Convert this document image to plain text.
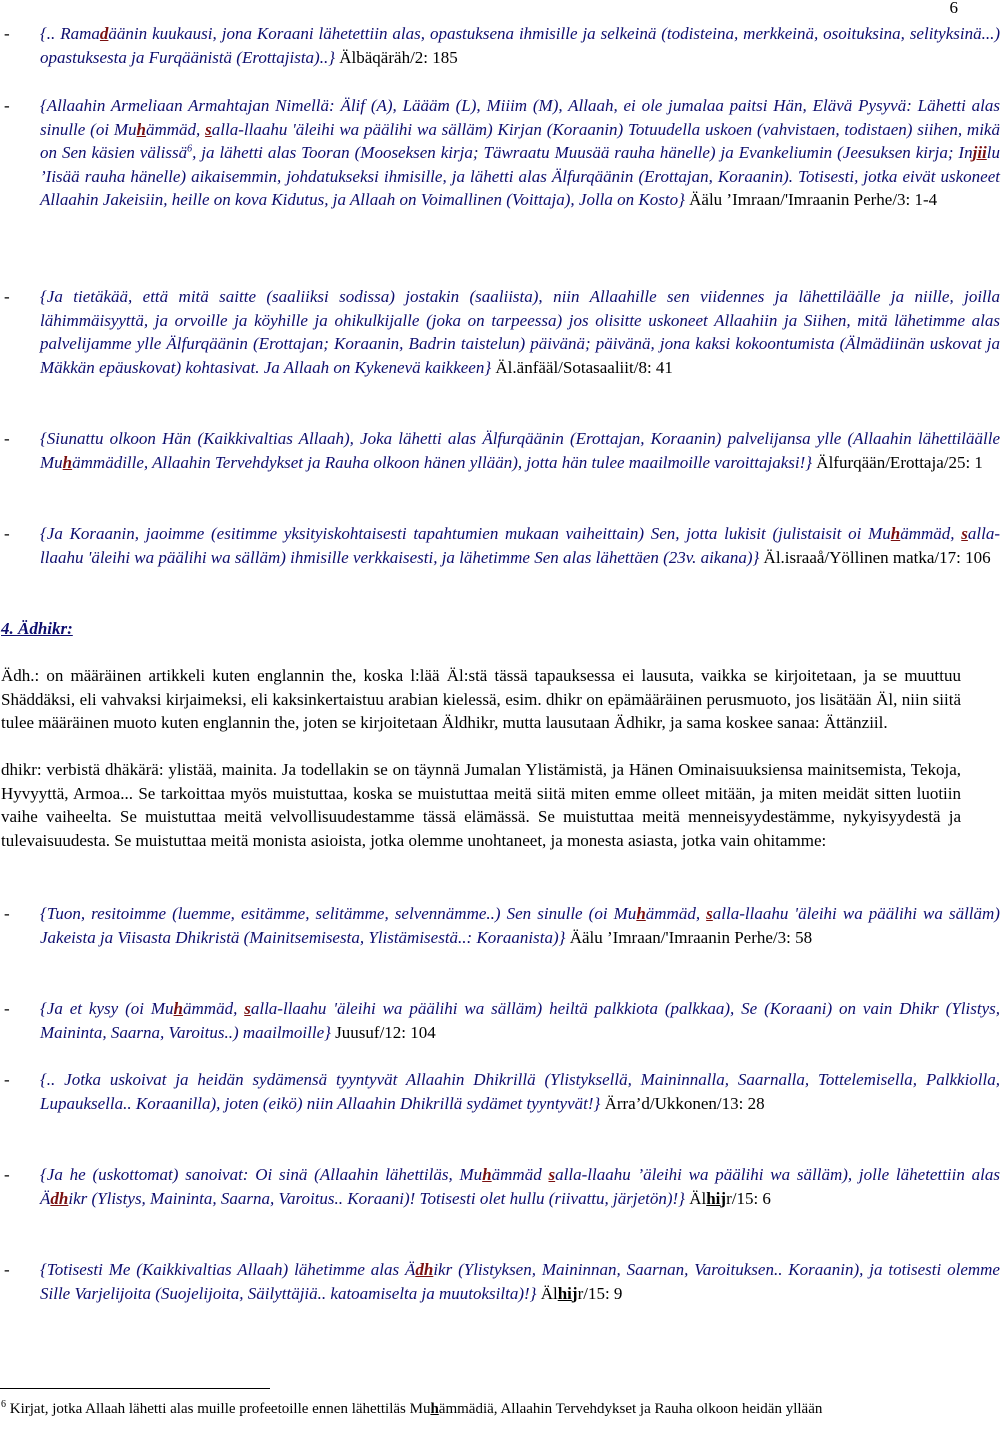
6
- {.. Ramadäänin kuukausi, jona Koraani lähetettiin alas, opastuksena ihmisille ja selkeinä (todisteina, merkkeinä, osoituksina, selityksinä...) opastuksesta ja Furqäänistä (Erottajista)..} Älbäqäräh/2: 185
- {Allaahin Armeliaan Armahtajan Nimellä: Älif (A), Läääm (L), Miiim (M), Allaah, ei ole jumalaa paitsi Hän, Elävä Pysyvä: Lähetti alas sinulle (oi Muhämmäd, salla-llaahu 'äleihi wa päälihi wa sälläm) Kirjan (Koraanin) Totuudella uskoen (vahvistaen, todistaen) siihen, mikä on Sen käsien välissä$^6$, ja lähetti alas Tooran (Mooseksen kirja; Täwraatu Muusää rauha hänelle) ja Evankeliumin (Jeesuksen kirja; Injiilu ’Iisää rauha hänelle) aikaisemmin, johdatukseksi ihmisille, ja lähetti alas Älfurqäänin (Erottajan, Koraanin). Totisesti, jotka eivät uskoneet Allaahin Jakeisiin, heille on kova Kidutus, ja Allaah on Voimallinen (Voittaja), Jolla on Kosto} Äälu ’Imraan/'Imraanin Perhe/3: 1-4
- {Ja tietäkää, että mitä saitte (saaliiksi sodissa) jostakin (saaliista), niin Allaahille sen viidennes ja lähettiläälle ja niille, joilla lähimmäisyyttä, ja orvoille ja köyhille ja ohikulkijalle (joka on tarpeessa) jos olisitte uskoneet Allaahiin ja Siihen, mitä lähetimme alas palvelijamme ylle Älfurqäänin (Erottajan; Koraanin, Badrin taistelun) päivänä; päivänä, jona kaksi kokoontumista (Älmädiinän uskovat ja Mäkkän epäuskovat) kohtasivat. Ja Allaah on Kykenevä kaikkeen} Äl.änfääl/Sotasaaliit/8: 41
- {Siunattu olkoon Hän (Kaikkivaltias Allaah), Joka lähetti alas Älfurqäänin (Erottajan, Koraanin) palvelijansa ylle (Allaahin lähettiläälle Muhämmädille, Allaahin Tervehdykset ja Rauha olkoon hänen yllään), jotta hän tulee maailmoille varoittajaksi!} Älfurqään/Erottaja/25: 1
- {Ja Koraanin, jaoimme (esitimme yksityiskohtaisesti tapahtumien mukaan vaiheittain) Sen, jotta lukisit (julistaisit oi Muhämmäd, salla-llaahu 'äleihi wa päälihi wa sälläm) ihmisille verkkaisesti, ja lähetimme Sen alas lähettäen (23v. aikana)} Äl.israaå/Yöllinen matka/17: 106
4. Ädhikr:
Ädh.: on määräinen artikkeli kuten englannin the, koska l:lää Äl:stä tässä tapauksessa ei lausuta, vaikka se kirjoitetaan, ja se muuttuu Shäddäksi, eli vahvaksi kirjaimeksi, eli kaksinkertaistuu arabian kielessä, esim. dhikr on epämääräinen perusmuoto, jos lisätään Äl, niin siitä tulee määräinen muoto kuten englannin the, joten se kirjoitetaan Äldhikr, mutta lausutaan Ädhikr, ja sama koskee sanaa: Ättänziil.
dhikr: verbistä dhäkärä: ylistää, mainita. Ja todellakin se on täynnä Jumalan Ylistämistä, ja Hänen Ominaisuuksiensa mainitsemista, Tekoja, Hyvyyttä, Armoa... Se tarkoittaa myös muistuttaa, koska se muistuttaa meitä siitä miten emme olleet mitään, ja miten meidät sitten luotiin vaihe vaiheelta. Se muistuttaa meitä velvollisuudestamme tässä elämässä. Se muistuttaa meitä menneisyydestämme, nykyisyydestä ja tulevaisuudesta. Se muistuttaa meitä monista asioista, jotka olemme unohtaneet, ja monesta asiasta, jotka vain ohitamme:
- {Tuon, resitoimme (luemme, esitämme, selitämme, selvennämme..) Sen sinulle (oi Muhämmäd, salla-llaahu 'äleihi wa päälihi wa sälläm) Jakeista ja Viisasta Dhikristä (Mainitsemisesta, Ylistämisestä..: Koraanista)} Äälu ’Imraan/'Imraanin Perhe/3: 58
- {Ja et kysy (oi Muhämmäd, salla-llaahu 'äleihi wa päälihi wa sälläm) heiltä palkkiota (palkkaa), Se (Koraani) on vain Dhikr (Ylistys, Maininta, Saarna, Varoitus..) maailmoille} Juusuf/12: 104
- {.. Jotka uskoivat ja heidän sydämensä tyyntyvät Allaahin Dhikrillä (Ylistyksellä, Maininnalla, Saarnalla, Tottelemisella, Palkkiolla, Lupauksella.. Koraanilla), joten (eikö) niin Allaahin Dhikrillä sydämet tyyntyvät!} Ärra’d/Ukkonen/13: 28
- {Ja he (uskottomat) sanoivat: Oi sinä (Allaahin lähettiläs, Muhämmäd salla-llaahu ’äleihi wa päälihi wa sälläm), jolle lähetettiin alas Ädhikr (Ylistys, Maininta, Saarna, Varoitus.. Koraani)! Totisesti olet hullu (riivattu, järjetön)!} Älhijr/15: 6
- {Totisesti Me (Kaikkivaltias Allaah) lähetimme alas Ädhikr (Ylistyksen, Maininnan, Saarnan, Varoituksen.. Koraanin), ja totisesti olemme Sille Varjelijoita (Suojelijoita, Säilyttäjiä.. katoamiselta ja muutoksilta)!} Älhijr/15: 9
$^6$ Kirjat, jotka Allaah lähetti alas muille profeetoille ennen lähettiläs Muhämmädiä, Allaahin Tervehdykset ja Rauha olkoon heidän yllään
